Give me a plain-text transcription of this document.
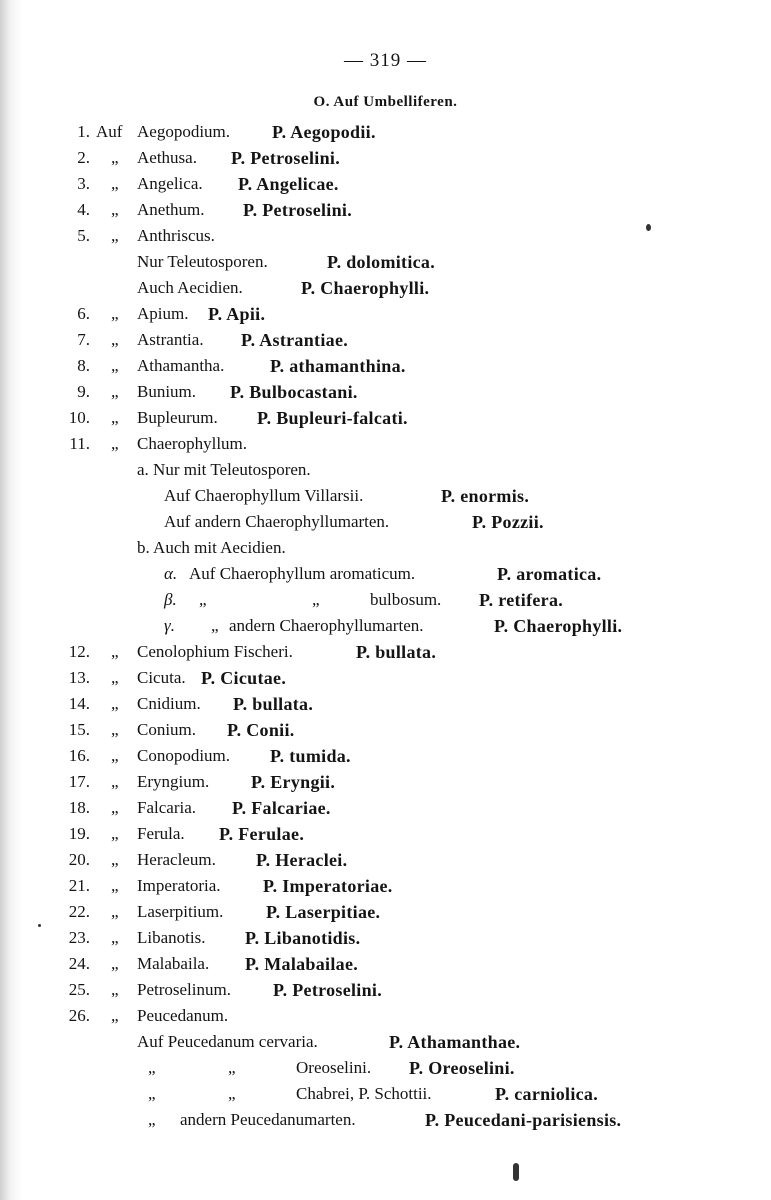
— 319 —
O. Auf Umbelliferen.
1. Auf Aegopodium. P. Aegopodii.
2. „ Aethusa. P. Petroselini.
3. „ Angelica. P. Angelicae.
4. „ Anethum. P. Petroselini.
5. „ Anthriscus.
Nur Teleutosporen.	P. dolomitica.
Auch Aecidien.	P. Chaerophylli.
6. „ Apium. P. Apii.
7. „ Astrantia. P. Astrantiae.
8. „ Athamantha.	P. athamanthina.
9. „ Bunium. P. Bulbocastani.
10. „ Bupleurum. P. Bupleuri-falcati.
11. „ Chaerophyllum.
a. Nur mit Teleutosporen.
Auf Chaerophyllum Villarsii.	P. enormis.
Auf andern Chaerophyllumarten.	P. Pozzii.
b. Auch mit Aecidien.
α. Auf Chaerophyllum aromaticum.	P. aromatica.
β. „	„	bulbosum. P. retifera.
γ. „ andern Chaerophyllumarten.	P. Chaerophylli.
12. „ Cenolophium Fischeri.	P. bullata.
13. „ Cicuta. P. Cicutae.
14. „ Cnidium. P. bullata.
15. „ Conium. P. Conii.
16. „ Conopodium. P. tumida.
17. „ Eryngium. P. Eryngii.
18. „ Falcaria. P. Falcariae.
19. „ Ferula. P. Ferulae.
20. „ Heracleum. P. Heraclei.
21. „ Imperatoria. P. Imperatoriae.
22. „ Laserpitium. P. Laserpitiae.
23. „ Libanotis. P. Libanotidis.
24. „ Malabaila. P. Malabailae.
25. „ Petroselinum. P. Petroselini.
26. „ Peucedanum.
Auf Peucedanum cervaria.	P. Athamanthae.
„	„	Oreoselini. P. Oreoselini.
„	„	Chabrei, P. Schottii.	P. carniolica.
„ andern Peucedanumarten.	P. Peucedani-parisiensis.
